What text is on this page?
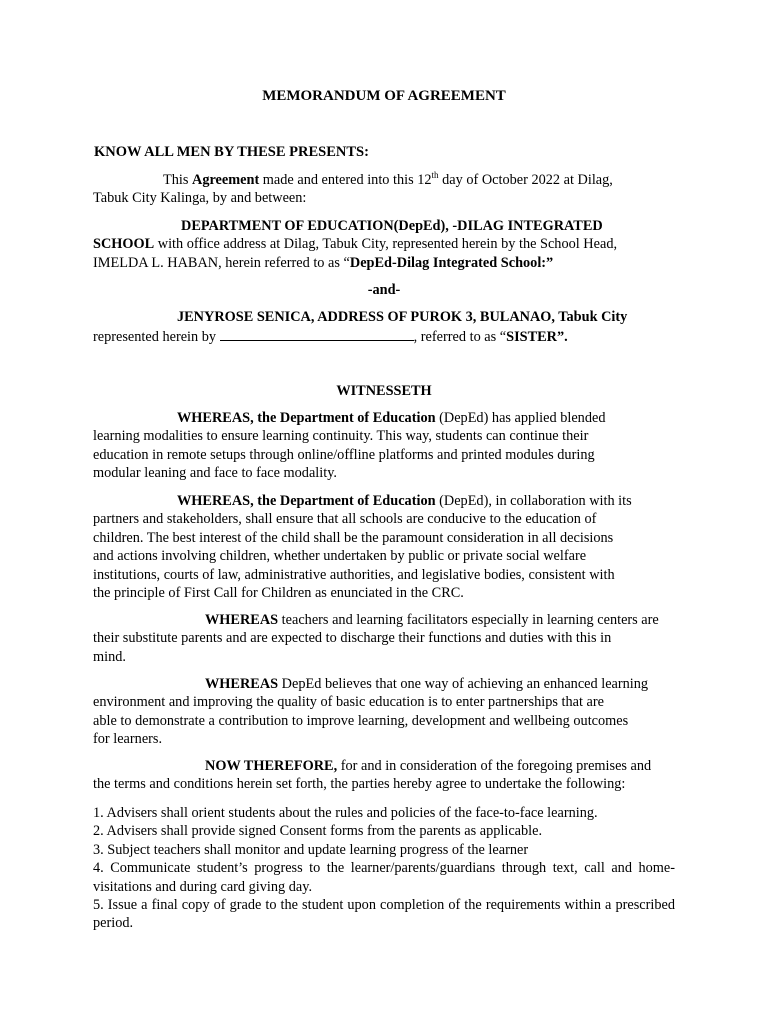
MEMORANDUM OF AGREEMENT
KNOW ALL MEN BY THESE PRESENTS:
This Agreement made and entered into this 12th day of October 2022 at Dilag,
Tabuk City Kalinga, by and between:
DEPARTMENT OF EDUCATION(DepEd), -DILAG INTEGRATED
SCHOOL with office address at Dilag, Tabuk City, represented herein by the School Head,
IMELDA L. HABAN, herein referred to as “DepEd-Dilag Integrated School:”
-and-
JENYROSE SENICA, ADDRESS OF PUROK 3, BULANAO, Tabuk City
represented herein by	, referred to as “SISTER”.
WITNESSETH
WHEREAS, the Department of Education (DepEd) has applied blended
learning modalities to ensure learning continuity. This way, students can continue their
education in remote setups through online/offline platforms and printed modules during
modular leaning and face to face modality.
WHEREAS, the Department of Education (DepEd), in collaboration with its
partners and stakeholders, shall ensure that all schools are conducive to the education of
children. The best interest of the child shall be the paramount consideration in all decisions
and actions involving children, whether undertaken by public or private social welfare
institutions, courts of law, administrative authorities, and legislative bodies, consistent with
the principle of First Call for Children as enunciated in the CRC.
WHEREAS teachers and learning facilitators especially in learning centers are
their substitute parents and are expected to discharge their functions and duties with this in
mind.
WHEREAS DepEd believes that one way of achieving an enhanced learning
environment and improving the quality of basic education is to enter partnerships that are
able to demonstrate a contribution to improve learning, development and wellbeing outcomes
for learners.
NOW THEREFORE, for and in consideration of the foregoing premises and
the terms and conditions herein set forth, the parties hereby agree to undertake the following:
1. Advisers shall orient students about the rules and policies of the face-to-face learning.
2. Advisers shall provide signed Consent forms from the parents as applicable.
3. Subject teachers shall monitor and update learning progress of the learner
4. Communicate student’s progress to the learner/parents/guardians through text, call and home-visitations and during card giving day.
5. Issue a final copy of grade to the student upon completion of the requirements within a prescribed period.
